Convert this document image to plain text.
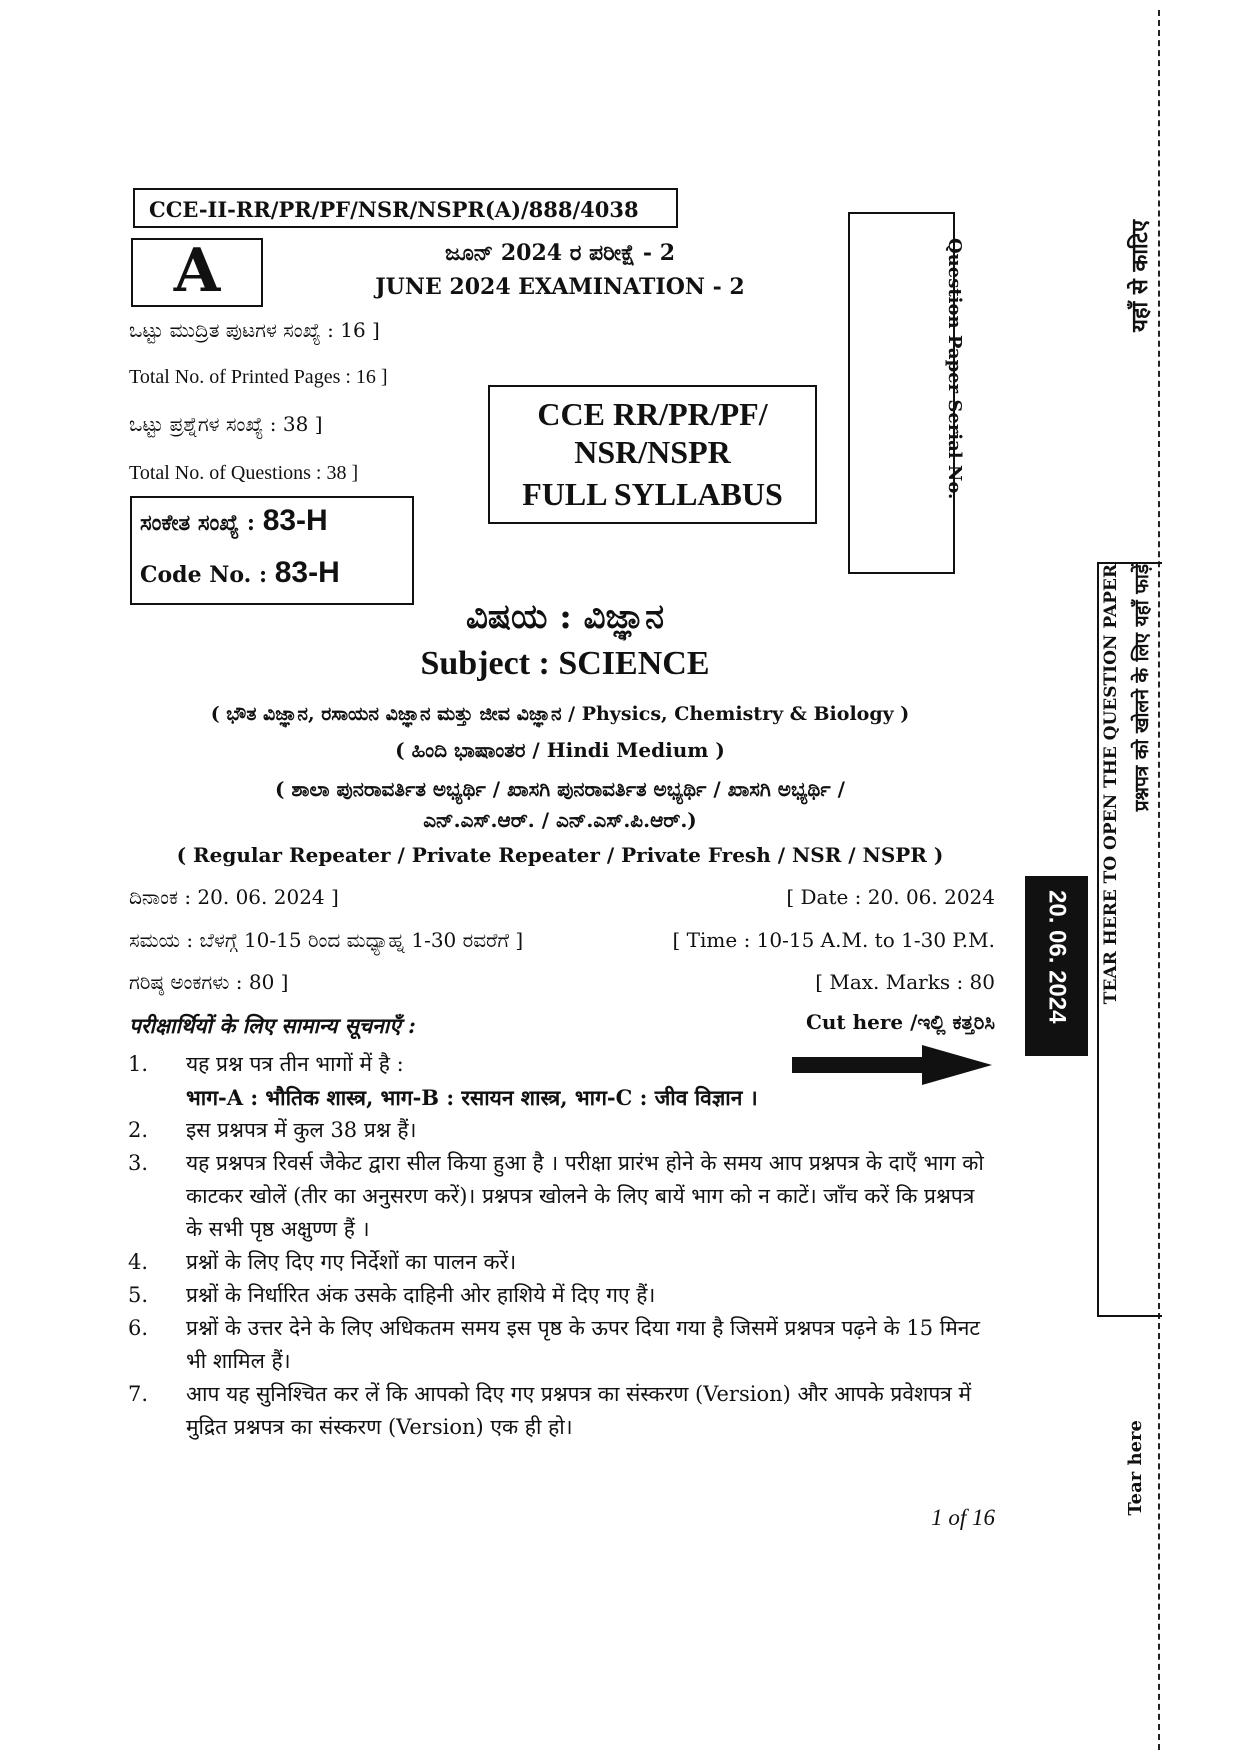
CCE-II-RR/PR/PF/NSR/NSPR(A)/888/4038
A	ಜೂನ್ 2024 ರ ಪರೀಕ್ಷೆ - 2
JUNE 2024 EXAMINATION - 2
ಒಟ್ಟು ಮುದ್ರಿತ ಪುಟಗಳ ಸಂಖ್ಯೆ : 16 ]
Total No. of Printed Pages : 16 ]
ಒಟ್ಟು ಪ್ರಶ್ನೆಗಳ ಸಂಖ್ಯೆ : 38 ]
Total No. of Questions : 38 ]
ಸಂಕೇತ ಸಂಖ್ಯೆ : 83-H
Code No. : 83-H
CCE RR/PR/PF/
NSR/NSPR
FULL SYLLABUS	Question Paper Serial No.
ವಿಷಯ : ವಿಜ್ಞಾನ
Subject : SCIENCE
( ಭೌತ ವಿಜ್ಞಾನ, ರಸಾಯನ ವಿಜ್ಞಾನ ಮತ್ತು ಜೀವ ವಿಜ್ಞಾನ / Physics, Chemistry & Biology )
( ಹಿಂದಿ ಭಾಷಾಂತರ / Hindi Medium )
( ಶಾಲಾ ಪುನರಾವರ್ತಿತ ಅಭ್ಯರ್ಥಿ / ಖಾಸಗಿ ಪುನರಾವರ್ತಿತ ಅಭ್ಯರ್ಥಿ / ಖಾಸಗಿ ಅಭ್ಯರ್ಥಿ /
ಎನ್.ಎಸ್.ಆರ್. / ಎನ್.ಎಸ್.ಪಿ.ಆರ್.)
( Regular Repeater / Private Repeater / Private Fresh / NSR / NSPR )
ದಿನಾಂಕ : 20. 06. 2024 ]	[ Date : 20. 06. 2024
ಸಮಯ : ಬೆಳಗ್ಗೆ 10-15 ರಿಂದ ಮಧ್ಯಾಹ್ನ 1-30 ರವರೆಗೆ ]	[ Time : 10-15 A.M. to 1-30 P.M.
ಗರಿಷ್ಠ ಅಂಕಗಳು : 80 ]	[ Max. Marks : 80
परीक्षार्थियों के लिए सामान्य सूचनाएँ :	Cut here /ಇಲ್ಲಿ ಕತ್ತರಿಸಿ
1. यह प्रश्न पत्र तीन भागों में है :
भाग-A : भौतिक शास्त्र, भाग-B : रसायन शास्त्र, भाग-C : जीव विज्ञान ।
2. इस प्रश्नपत्र में कुल 38 प्रश्न हैं।
3. यह प्रश्नपत्र रिवर्स जैकेट द्वारा सील किया हुआ है । परीक्षा प्रारंभ होने के समय आप प्रश्नपत्र के दाएँ भाग को काटकर खोलें (तीर का अनुसरण करें)। प्रश्नपत्र खोलने के लिए बायें भाग को न काटें। जाँच करें कि प्रश्नपत्र के सभी पृष्ठ अक्षुण्ण हैं ।
4. प्रश्नों के लिए दिए गए निर्देशों का पालन करें।
5. प्रश्नों के निर्धारित अंक उसके दाहिनी ओर हाशिये में दिए गए हैं।
6. प्रश्नों के उत्तर देने के लिए अधिकतम समय इस पृष्ठ के ऊपर दिया गया है जिसमें प्रश्नपत्र पढ़ने के 15 मिनट भी शामिल हैं।
7. आप यह सुनिश्चित कर लें कि आपको दिए गए प्रश्नपत्र का संस्करण (Version) और आपके प्रवेशपत्र में मुद्रित प्रश्नपत्र का संस्करण (Version) एक ही हो।
1 of 16
यहाँ से काटिए
TEAR HERE TO OPEN THE QUESTION PAPER प्रश्नपत्र को खोलने के लिए यहाँ फाड़ें
20. 06. 2024
Tear here
